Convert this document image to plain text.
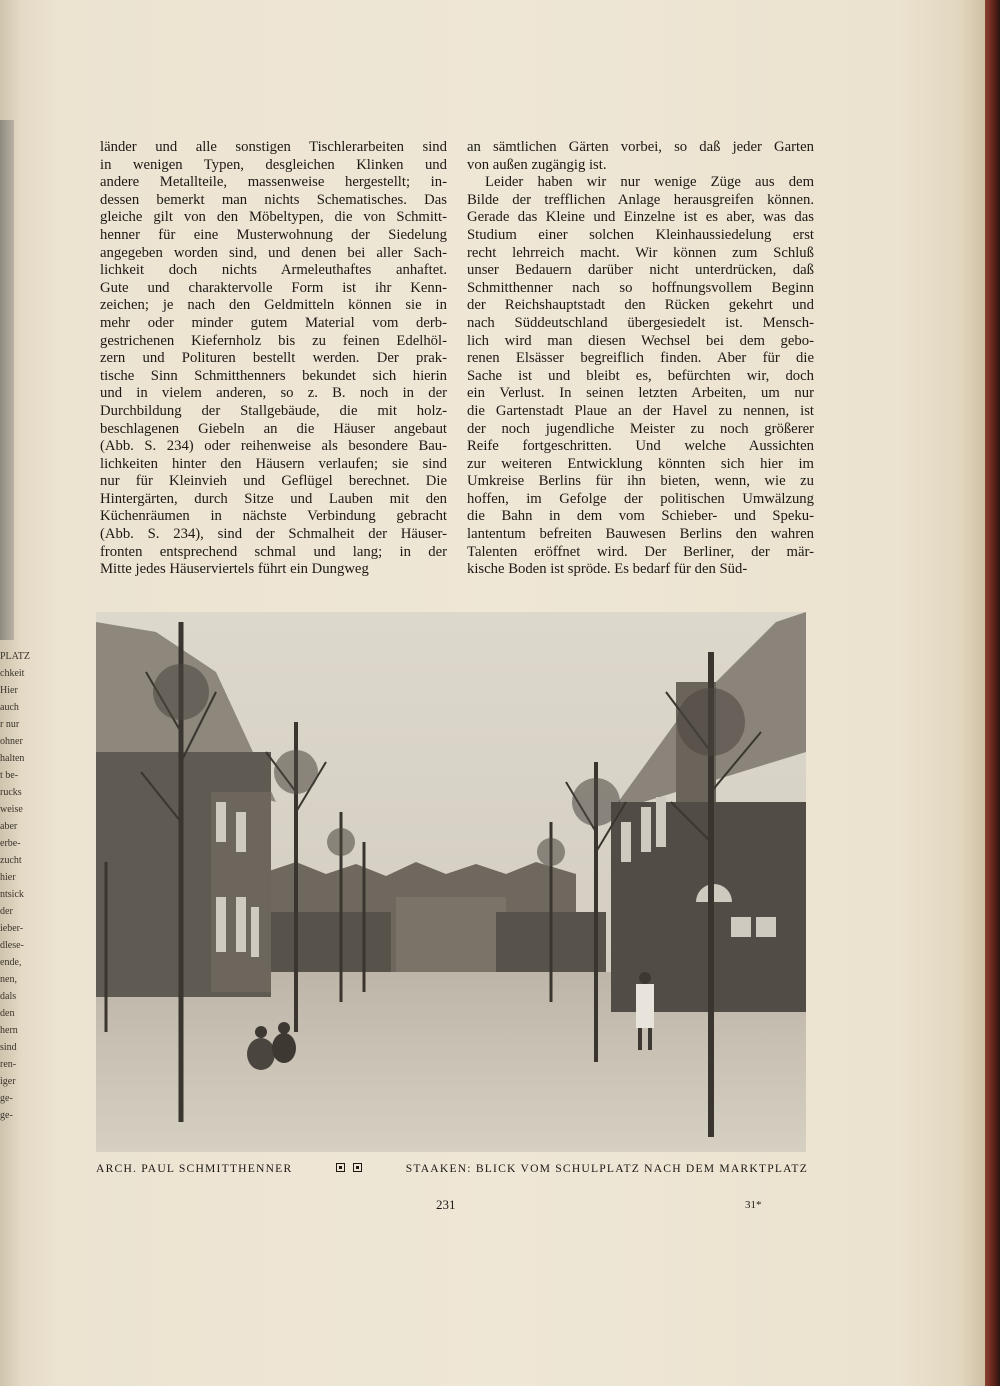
PLATZ
chkeit
Hier
auch
r nur
ohner
halten
t be-
rucks
weise
aber
erbe-
zucht
hier
ntsick
der
ieber-
dlese-
ende,
nen,
dals
den
hern
sind
ren-
iger
ge-
ge-
länder und alle sonstigen Tischlerarbeiten sind
in wenigen Typen, desgleichen Klinken und
andere Metallteile, massenweise hergestellt; in-
dessen bemerkt man nichts Schematisches. Das
gleiche gilt von den Möbeltypen, die von Schmitt-
henner für eine Musterwohnung der Siedelung
angegeben worden sind, und denen bei aller Sach-
lichkeit doch nichts Armeleuthaftes anhaftet.
Gute und charaktervolle Form ist ihr Kenn-
zeichen; je nach den Geldmitteln können sie in
mehr oder minder gutem Material vom derb-
gestrichenen Kiefernholz bis zu feinen Edelhöl-
zern und Polituren bestellt werden. Der prak-
tische Sinn Schmitthenners bekundet sich hierin
und in vielem anderen, so z. B. noch in der
Durchbildung der Stallgebäude, die mit holz-
beschlagenen Giebeln an die Häuser angebaut
(Abb. S. 234) oder reihenweise als besondere Bau-
lichkeiten hinter den Häusern verlaufen; sie sind
nur für Kleinvieh und Geflügel berechnet. Die
Hintergärten, durch Sitze und Lauben mit den
Küchenräumen in nächste Verbindung gebracht
(Abb. S. 234), sind der Schmalheit der Häuser-
fronten entsprechend schmal und lang; in der
Mitte jedes Häuserviertels führt ein Dungweg
an sämtlichen Gärten vorbei, so daß jeder Garten
von außen zugängig ist.
Leider haben wir nur wenige Züge aus dem
Bilde der trefflichen Anlage herausgreifen können.
Gerade das Kleine und Einzelne ist es aber, was das
Studium einer solchen Kleinhaussiedelung erst
recht lehrreich macht. Wir können zum Schluß
unser Bedauern darüber nicht unterdrücken, daß
Schmitthenner nach so hoffnungsvollem Beginn
der Reichshauptstadt den Rücken gekehrt und
nach Süddeutschland übergesiedelt ist. Mensch-
lich wird man diesen Wechsel bei dem gebo-
renen Elsässer begreiflich finden. Aber für die
Sache ist und bleibt es, befürchten wir, doch
ein Verlust. In seinen letzten Arbeiten, um nur
die Gartenstadt Plaue an der Havel zu nennen, ist
der noch jugendliche Meister zu noch größerer
Reife fortgeschritten. Und welche Aussichten
zur weiteren Entwicklung könnten sich hier im
Umkreise Berlins für ihn bieten, wenn, wie zu
hoffen, im Gefolge der politischen Umwälzung
die Bahn in dem vom Schieber- und Speku-
lantentum befreiten Bauwesen Berlins den wahren
Talenten eröffnet wird. Der Berliner, der mär-
kische Boden ist spröde. Es bedarf für den Süd-
ARCH. PAUL SCHMITTHENNER	STAAKEN: BLICK VOM SCHULPLATZ NACH DEM MARKTPLATZ
231	31*
